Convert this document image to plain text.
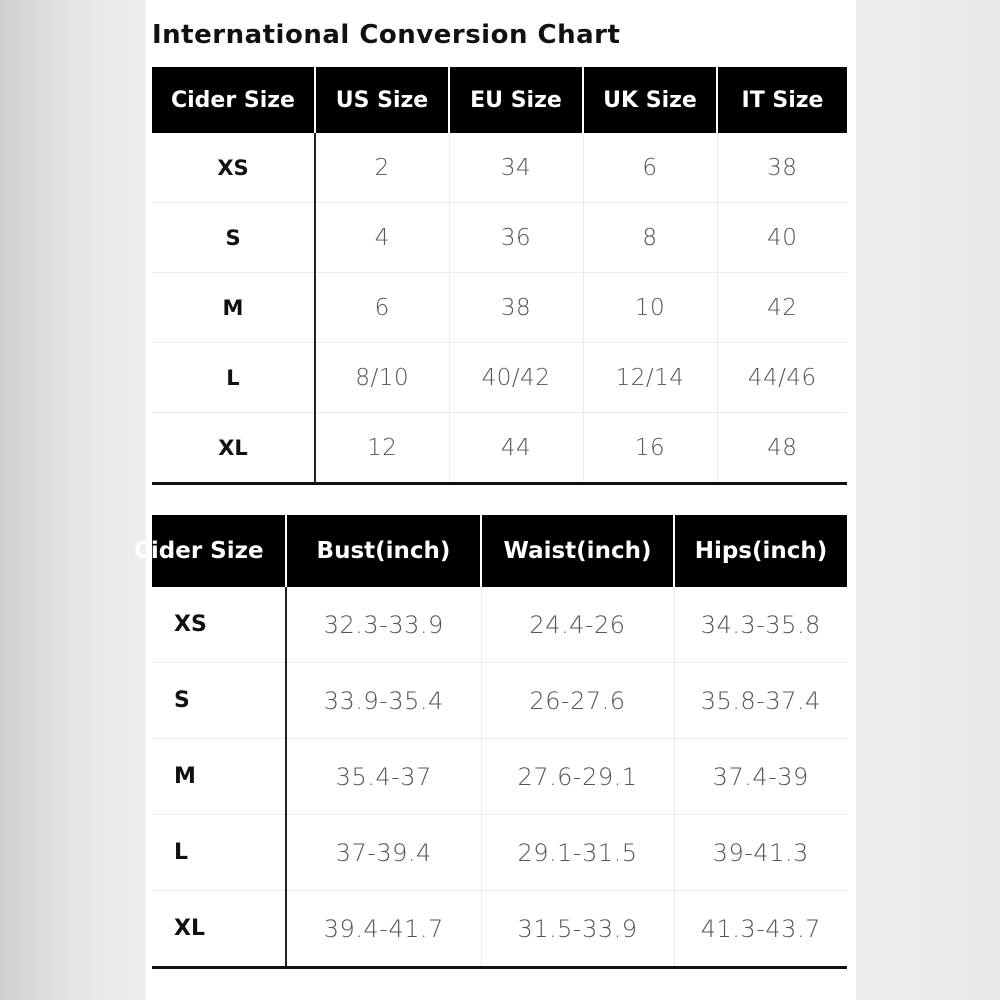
International Conversion Chart
Cider Size	US Size	EU Size	UK Size	IT Size
XS	2	34	6	38
S	4	36	8	40
M	6	38	10	42
L	8/10	40/42	12/14	44/46
XL	12	44	16	48
Cider Size	Bust(inch)	Waist(inch)	Hips(inch)
XS	32.3-33.9	24.4-26	34.3-35.8
S	33.9-35.4	26-27.6	35.8-37.4
M	35.4-37	27.6-29.1	37.4-39
L	37-39.4	29.1-31.5	39-41.3
XL	39.4-41.7	31.5-33.9	41.3-43.7
